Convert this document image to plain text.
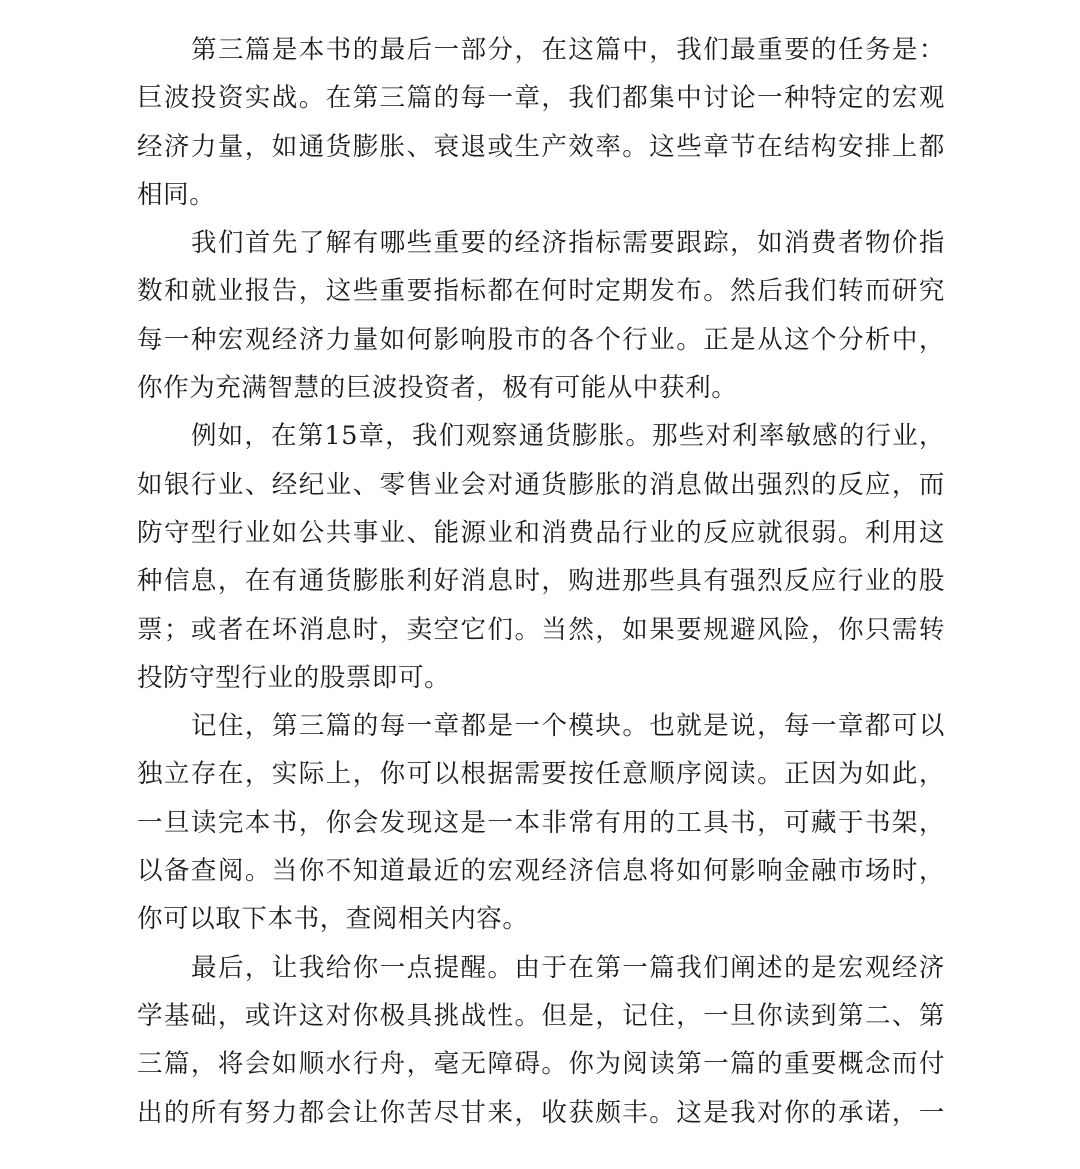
第三篇是本书的最后一部分，在这篇中，我们最重要的任务是：
巨波投资实战。在第三篇的每一章，我们都集中讨论一种特定的宏观
经济力量，如通货膨胀、衰退或生产效率。这些章节在结构安排上都
相同。
我们首先了解有哪些重要的经济指标需要跟踪，如消费者物价指
数和就业报告，这些重要指标都在何时定期发布。然后我们转而研究
每一种宏观经济力量如何影响股市的各个行业。正是从这个分析中，
你作为充满智慧的巨波投资者，极有可能从中获利。
例如，在第15章，我们观察通货膨胀。那些对利率敏感的行业，
如银行业、经纪业、零售业会对通货膨胀的消息做出强烈的反应，而
防守型行业如公共事业、能源业和消费品行业的反应就很弱。利用这
种信息，在有通货膨胀利好消息时，购进那些具有强烈反应行业的股
票；或者在坏消息时，卖空它们。当然，如果要规避风险，你只需转
投防守型行业的股票即可。
记住，第三篇的每一章都是一个模块。也就是说，每一章都可以
独立存在，实际上，你可以根据需要按任意顺序阅读。正因为如此，
一旦读完本书，你会发现这是一本非常有用的工具书，可藏于书架，
以备查阅。当你不知道最近的宏观经济信息将如何影响金融市场时，
你可以取下本书，查阅相关内容。
最后，让我给你一点提醒。由于在第一篇我们阐述的是宏观经济
学基础，或许这对你极具挑战性。但是，记住，一旦你读到第二、第
三篇，将会如顺水行舟，毫无障碍。你为阅读第一篇的重要概念而付
出的所有努力都会让你苦尽甘来，收获颇丰。这是我对你的承诺，一
